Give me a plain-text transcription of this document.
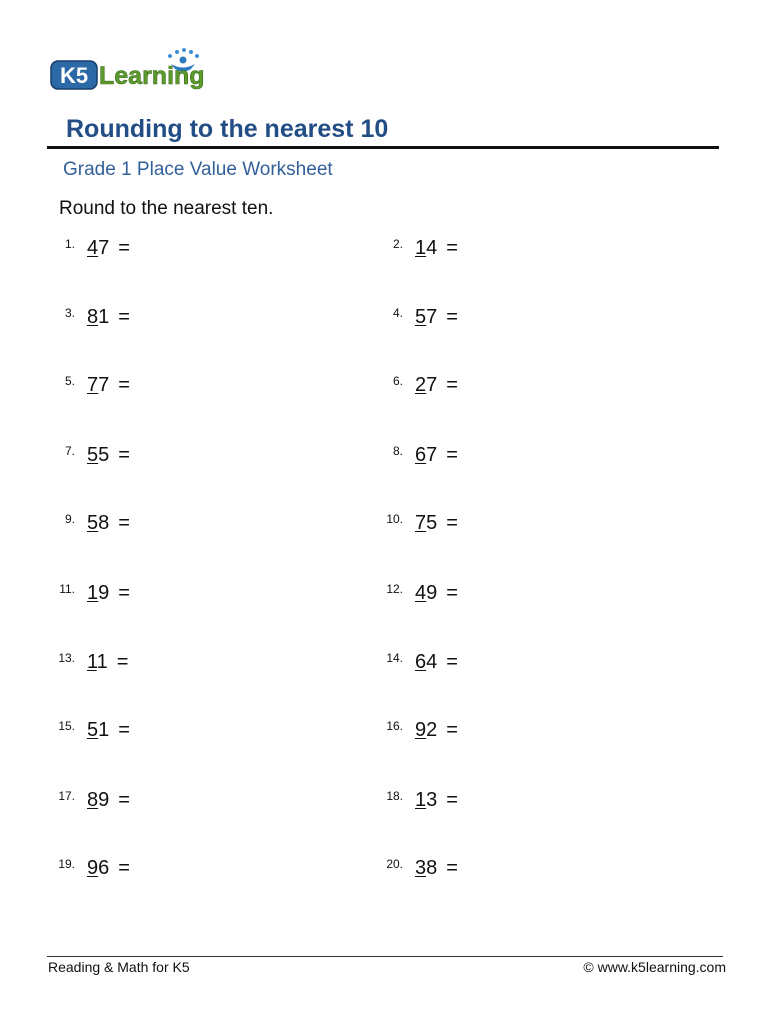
K5 Learning
Rounding to the nearest 10
Grade 1 Place Value Worksheet
Round to the nearest ten.
1. 47 =	2. 14 =
3. 81 =	4. 57 =
5. 77 =	6. 27 =
7. 55 =	8. 67 =
9. 58 =	10. 75 =
11. 19 =	12. 49 =
13. 11 =	14. 64 =
15. 51 =	16. 92 =
17. 89 =	18. 13 =
19. 96 =	20. 38 =
Reading & Math for K5	© www.k5learning.com
